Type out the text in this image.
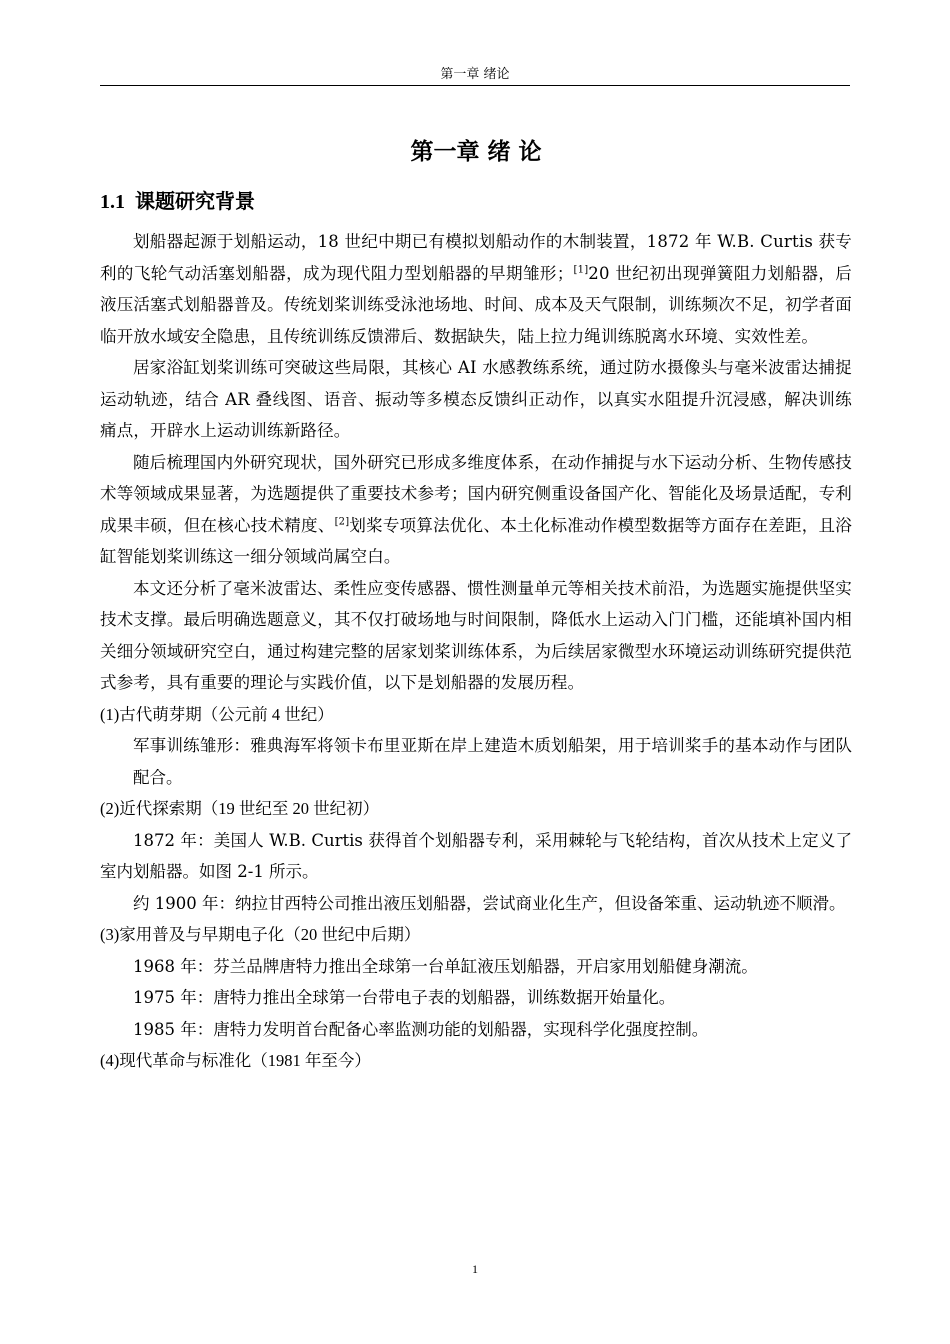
第一章 绪论
第一章 绪 论
1.1 课题研究背景

划船器起源于划船运动，18 世纪中期已有模拟划船动作的木制装置，1872 年 W.B. Curtis 获专利的飞轮气动活塞划船器，成为现代阻力型划船器的早期雏形；[1]20 世纪初出现弹簧阻力划船器，后液压活塞式划船器普及。传统划桨训练受泳池场地、时间、成本及天气限制，训练频次不足，初学者面临开放水域安全隐患，且传统训练反馈滞后、数据缺失，陆上拉力绳训练脱离水环境、实效性差。

居家浴缸划桨训练可突破这些局限，其核心 AI 水感教练系统，通过防水摄像头与毫米波雷达捕捉运动轨迹，结合 AR 叠线图、语音、振动等多模态反馈纠正动作，以真实水阻提升沉浸感，解决训练痛点，开辟水上运动训练新路径。

随后梳理国内外研究现状，国外研究已形成多维度体系，在动作捕捉与水下运动分析、生物传感技术等领域成果显著，为选题提供了重要技术参考；国内研究侧重设备国产化、智能化及场景适配，专利成果丰硕，但在核心技术精度、[2]划桨专项算法优化、本土化标准动作模型数据等方面存在差距，且浴缸智能划桨训练这一细分领域尚属空白。

本文还分析了毫米波雷达、柔性应变传感器、惯性测量单元等相关技术前沿，为选题实施提供坚实技术支撑。最后明确选题意义，其不仅打破场地与时间限制，降低水上运动入门门槛，还能填补国内相关细分领域研究空白，通过构建完整的居家划桨训练体系，为后续居家微型水环境运动训练研究提供范式参考，具有重要的理论与实践价值，以下是划船器的发展历程。

(1)古代萌芽期（公元前 4 世纪）

军事训练雏形：雅典海军将领卡布里亚斯在岸上建造木质划船架，用于培训桨手的基本动作与团队配合。

(2)近代探索期（19 世纪至 20 世纪初）

1872 年：美国人 W.B. Curtis 获得首个划船器专利，采用棘轮与飞轮结构，首次从技术上定义了室内划船器。如图 2-1 所示。

约 1900 年：纳拉甘西特公司推出液压划船器，尝试商业化生产，但设备笨重、运动轨迹不顺滑。

(3)家用普及与早期电子化（20 世纪中后期）

1968 年：芬兰品牌唐特力推出全球第一台单缸液压划船器，开启家用划船健身潮流。

1975 年：唐特力推出全球第一台带电子表的划船器，训练数据开始量化。

1985 年：唐特力发明首台配备心率监测功能的划船器，实现科学化强度控制。

(4)现代革命与标准化（1981 年至今）

1
